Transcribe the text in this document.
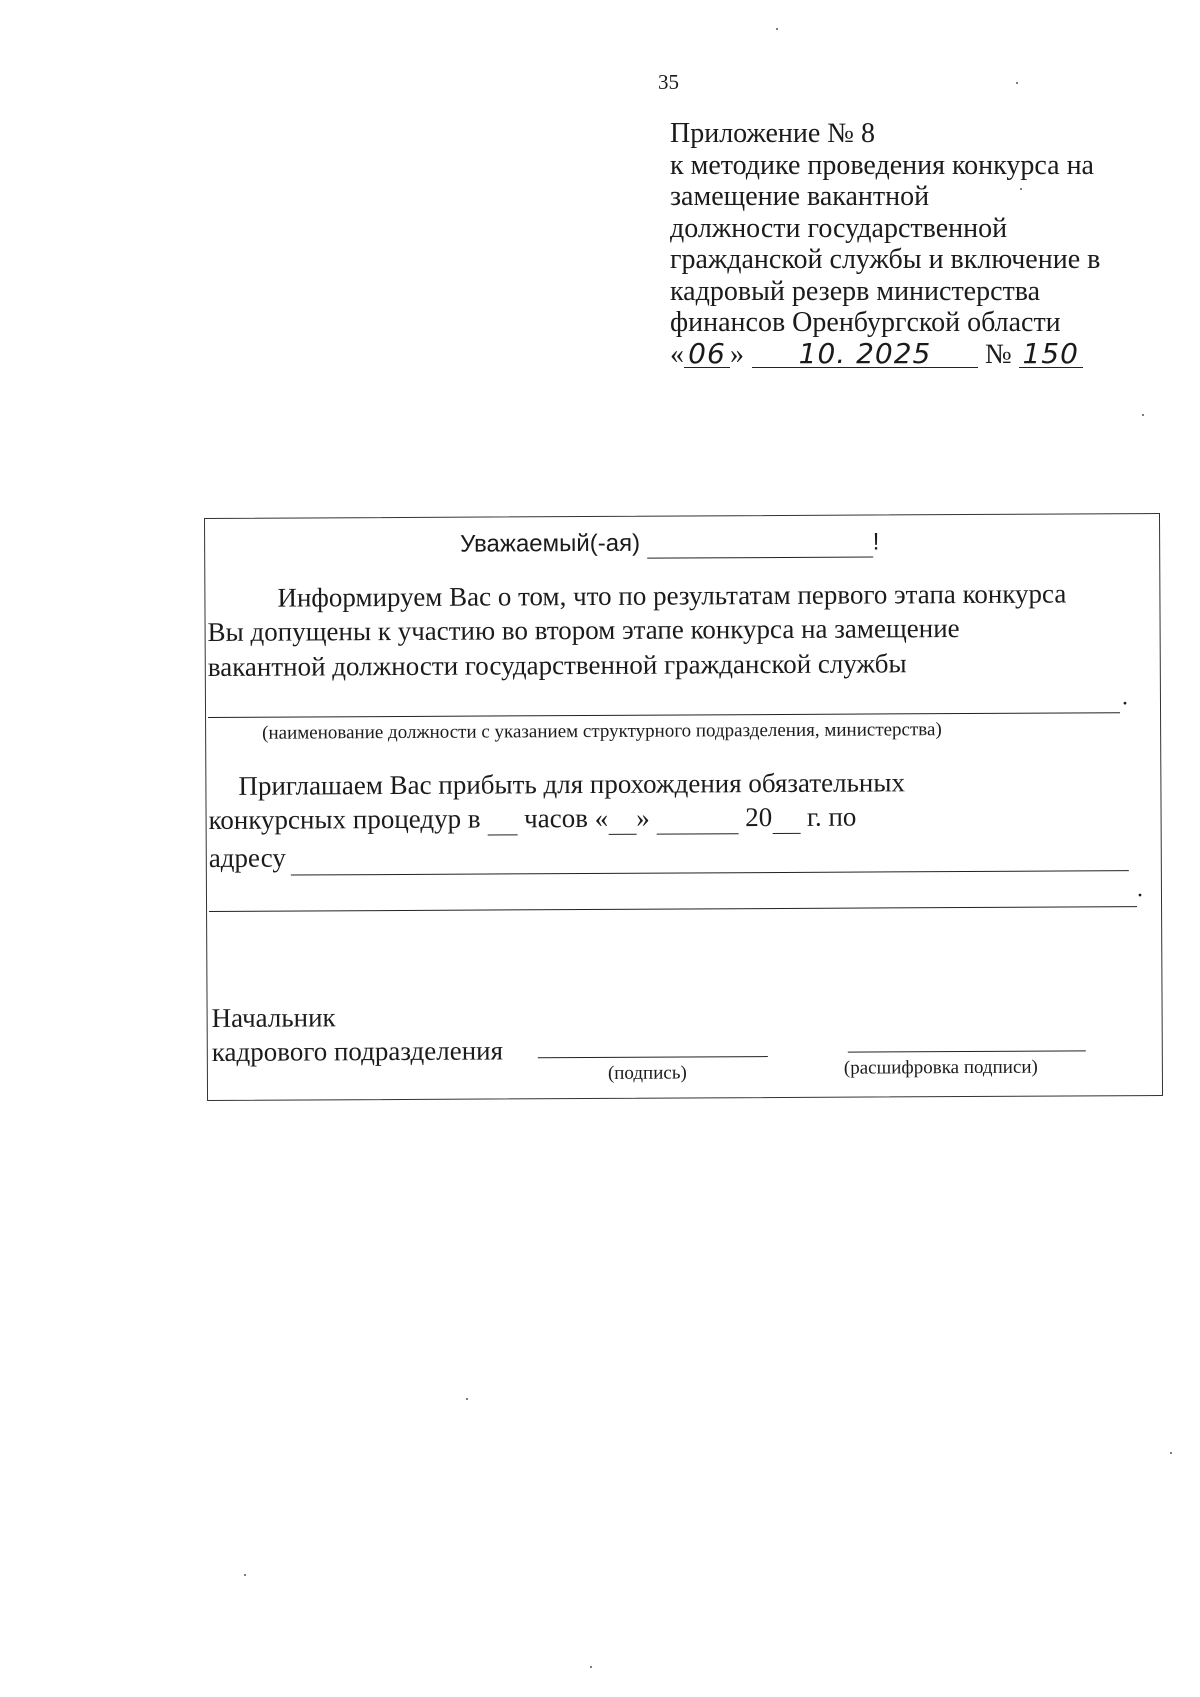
35
Приложение № 8
к методике проведения конкурса на
замещение вакантной
должности государственной
гражданской службы и включение в
кадровый резерв министерства
финансов Оренбургской области
« 06 » 10. 2025 № 150
Уважаемый(-ая)	!
Информируем Вас о том, что по результатам первого этапа конкурса
Вы допущены к участию во втором этапе конкурса на замещение
вакантной должности государственной гражданской службы
.
(наименование должности с указанием структурного подразделения, министерства)
Приглашаем Вас прибыть для прохождения обязательных
конкурсных процедур в часов « »	20 г. по
адресу
.
Начальник
кадрового подразделения
(подпись)	(расшифровка подписи)
